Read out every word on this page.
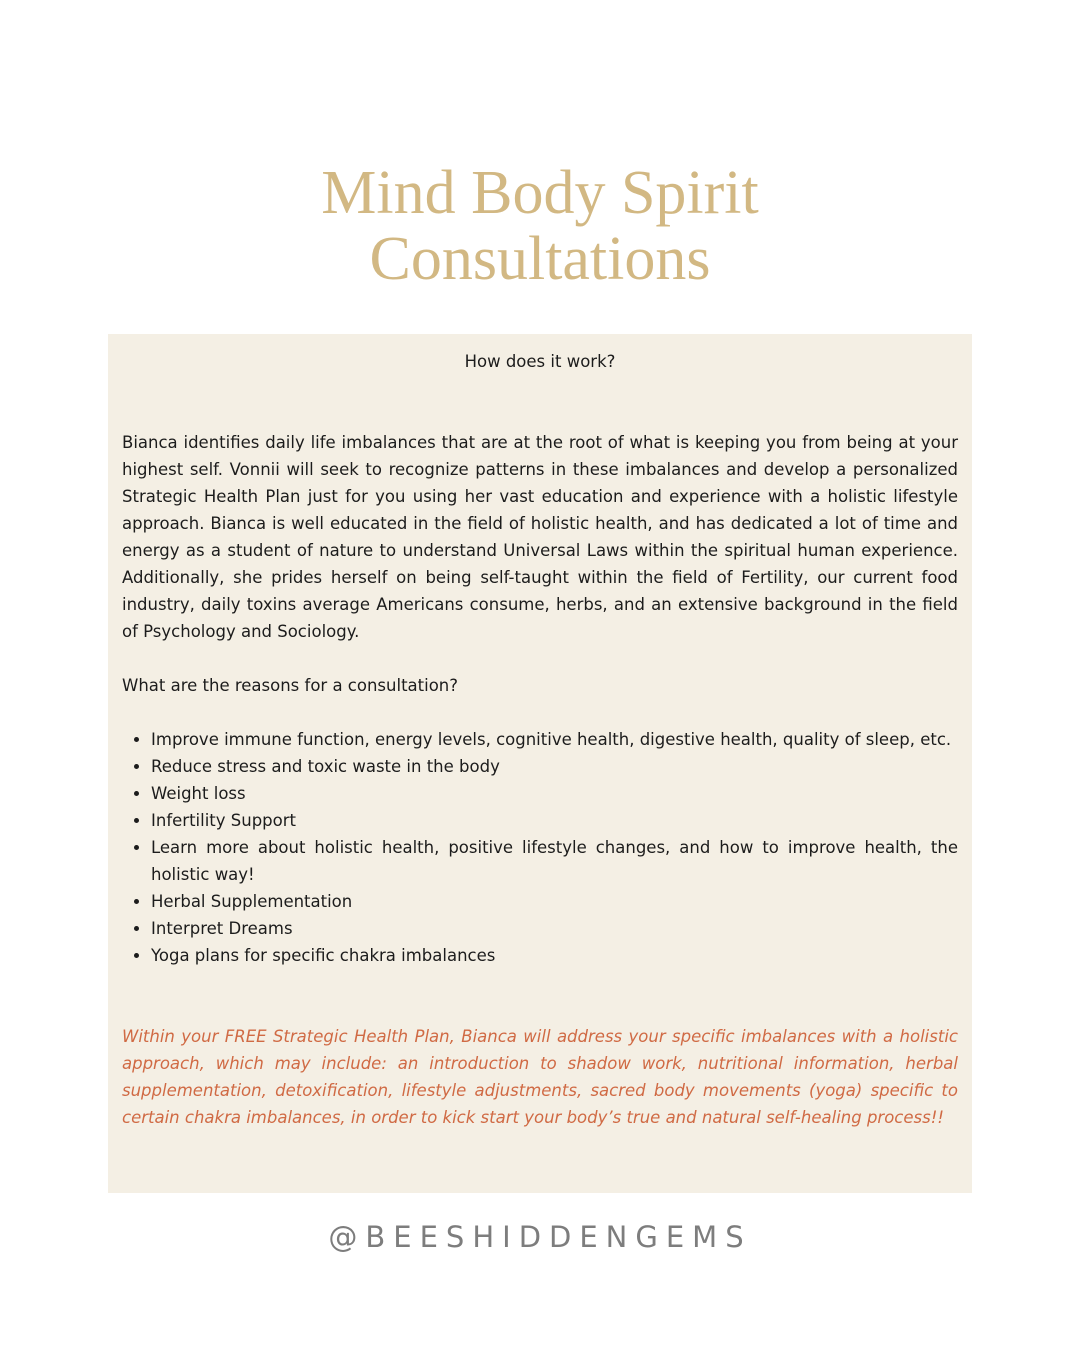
Mind Body Spirit
Consultations

How does it work?

Bianca identifies daily life imbalances that are at the root of what is keeping you from being at your highest self. Vonnii will seek to recognize patterns in these imbalances and develop a personalized Strategic Health Plan just for you using her vast education and experience with a holistic lifestyle approach. Bianca is well educated in the field of holistic health, and has dedicated a lot of time and energy as a student of nature to understand Universal Laws within the spiritual human experience. Additionally, she prides herself on being self-taught within the field of Fertility, our current food industry, daily toxins average Americans consume, herbs, and an extensive background in the field of Psychology and Sociology.

What are the reasons for a consultation?

• Improve immune function, energy levels, cognitive health, digestive health, quality of sleep, etc.
• Reduce stress and toxic waste in the body
• Weight loss
• Infertility Support
• Learn more about holistic health, positive lifestyle changes, and how to improve health, the holistic way!
• Herbal Supplementation
• Interpret Dreams
• Yoga plans for specific chakra imbalances

Within your FREE Strategic Health Plan, Bianca will address your specific imbalances with a holistic approach, which may include: an introduction to shadow work, nutritional information, herbal supplementation, detoxification, lifestyle adjustments, sacred body movements (yoga) specific to certain chakra imbalances, in order to kick start your body’s true and natural self-healing process!!

@BEESHIDDENGEMS
